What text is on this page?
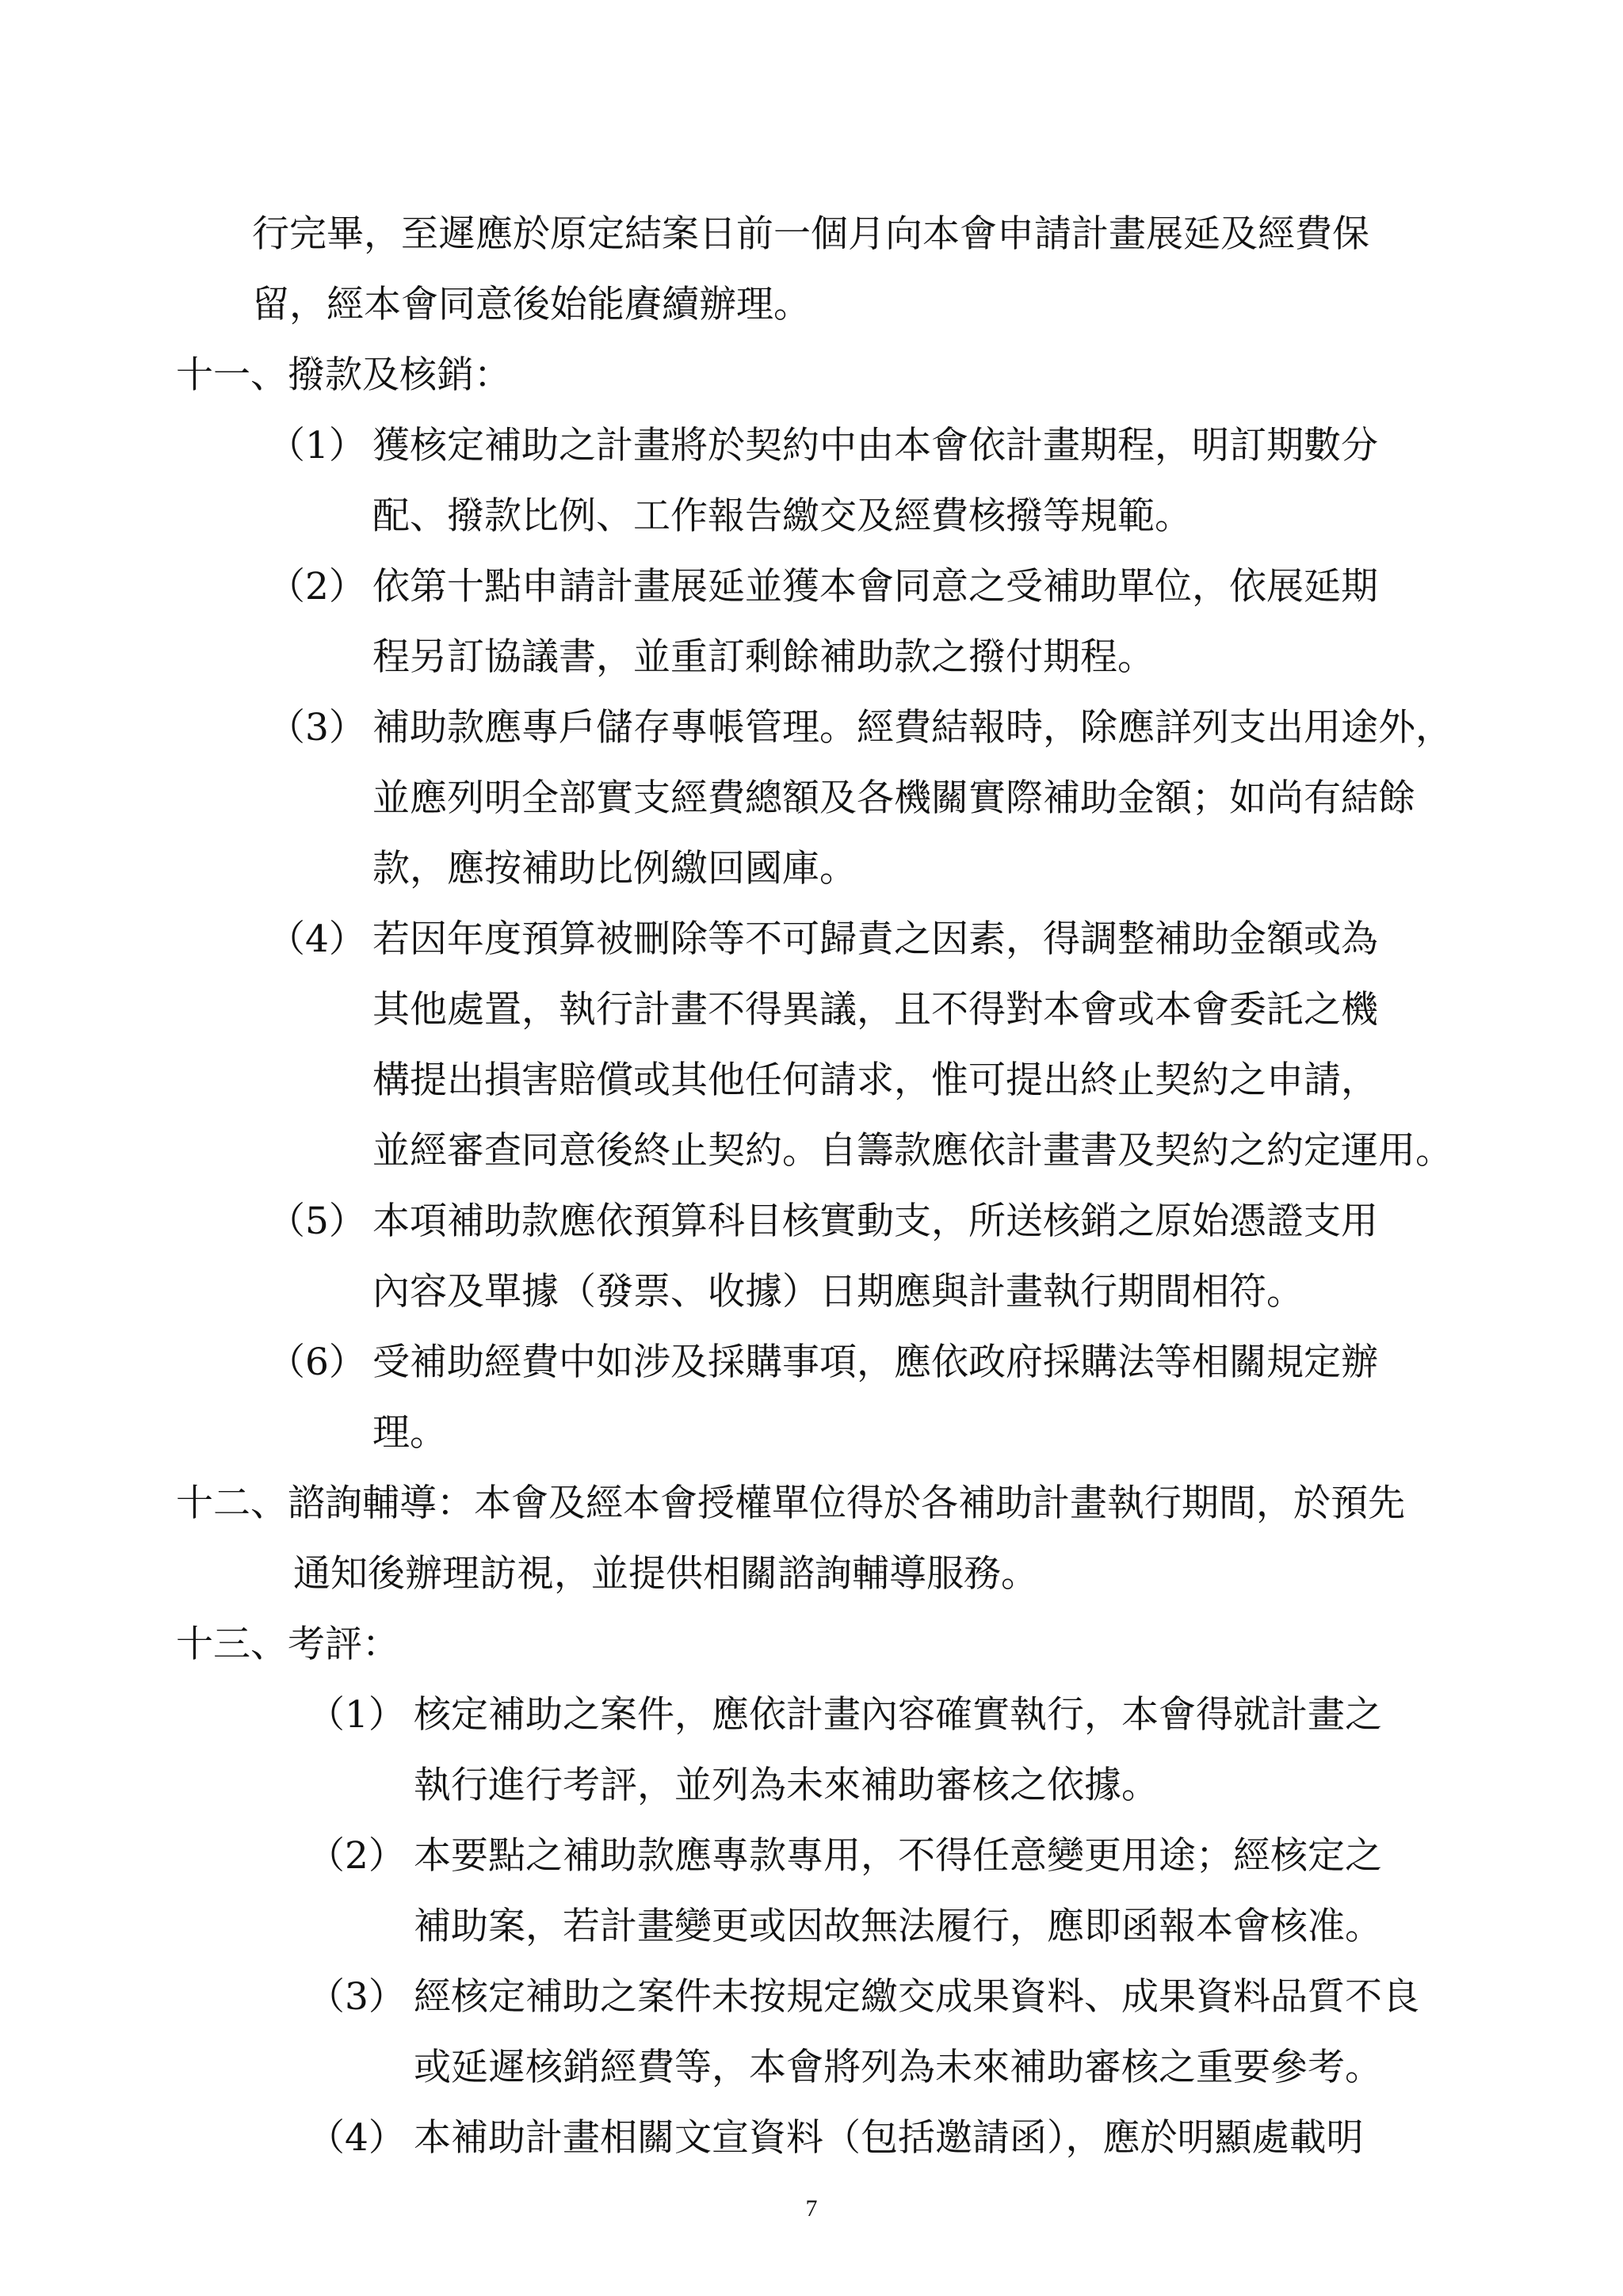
行完畢，至遲應於原定結案日前一個月向本會申請計畫展延及經費保
留，經本會同意後始能賡續辦理。
十一、撥款及核銷：
（1） 獲核定補助之計畫將於契約中由本會依計畫期程，明訂期數分
配、撥款比例、工作報告繳交及經費核撥等規範。
（2） 依第十點申請計畫展延並獲本會同意之受補助單位，依展延期
程另訂協議書，並重訂剩餘補助款之撥付期程。
（3） 補助款應專戶儲存專帳管理。經費結報時，除應詳列支出用途外，
並應列明全部實支經費總額及各機關實際補助金額；如尚有結餘
款，應按補助比例繳回國庫。
（4） 若因年度預算被刪除等不可歸責之因素，得調整補助金額或為
其他處置，執行計畫不得異議，且不得對本會或本會委託之機
構提出損害賠償或其他任何請求，惟可提出終止契約之申請，
並經審查同意後終止契約。自籌款應依計畫書及契約之約定運用。
（5） 本項補助款應依預算科目核實動支，所送核銷之原始憑證支用
內容及單據（發票、收據）日期應與計畫執行期間相符。
（6） 受補助經費中如涉及採購事項，應依政府採購法等相關規定辦
理。
十二、諮詢輔導：本會及經本會授權單位得於各補助計畫執行期間，於預先
通知後辦理訪視，並提供相關諮詢輔導服務。
十三、考評：
（1） 核定補助之案件，應依計畫內容確實執行，本會得就計畫之
執行進行考評，並列為未來補助審核之依據。
（2） 本要點之補助款應專款專用，不得任意變更用途；經核定之
補助案，若計畫變更或因故無法履行，應即函報本會核准。
（3） 經核定補助之案件未按規定繳交成果資料、成果資料品質不良
或延遲核銷經費等，本會將列為未來補助審核之重要參考。
（4） 本補助計畫相關文宣資料（包括邀請函），應於明顯處載明
7
